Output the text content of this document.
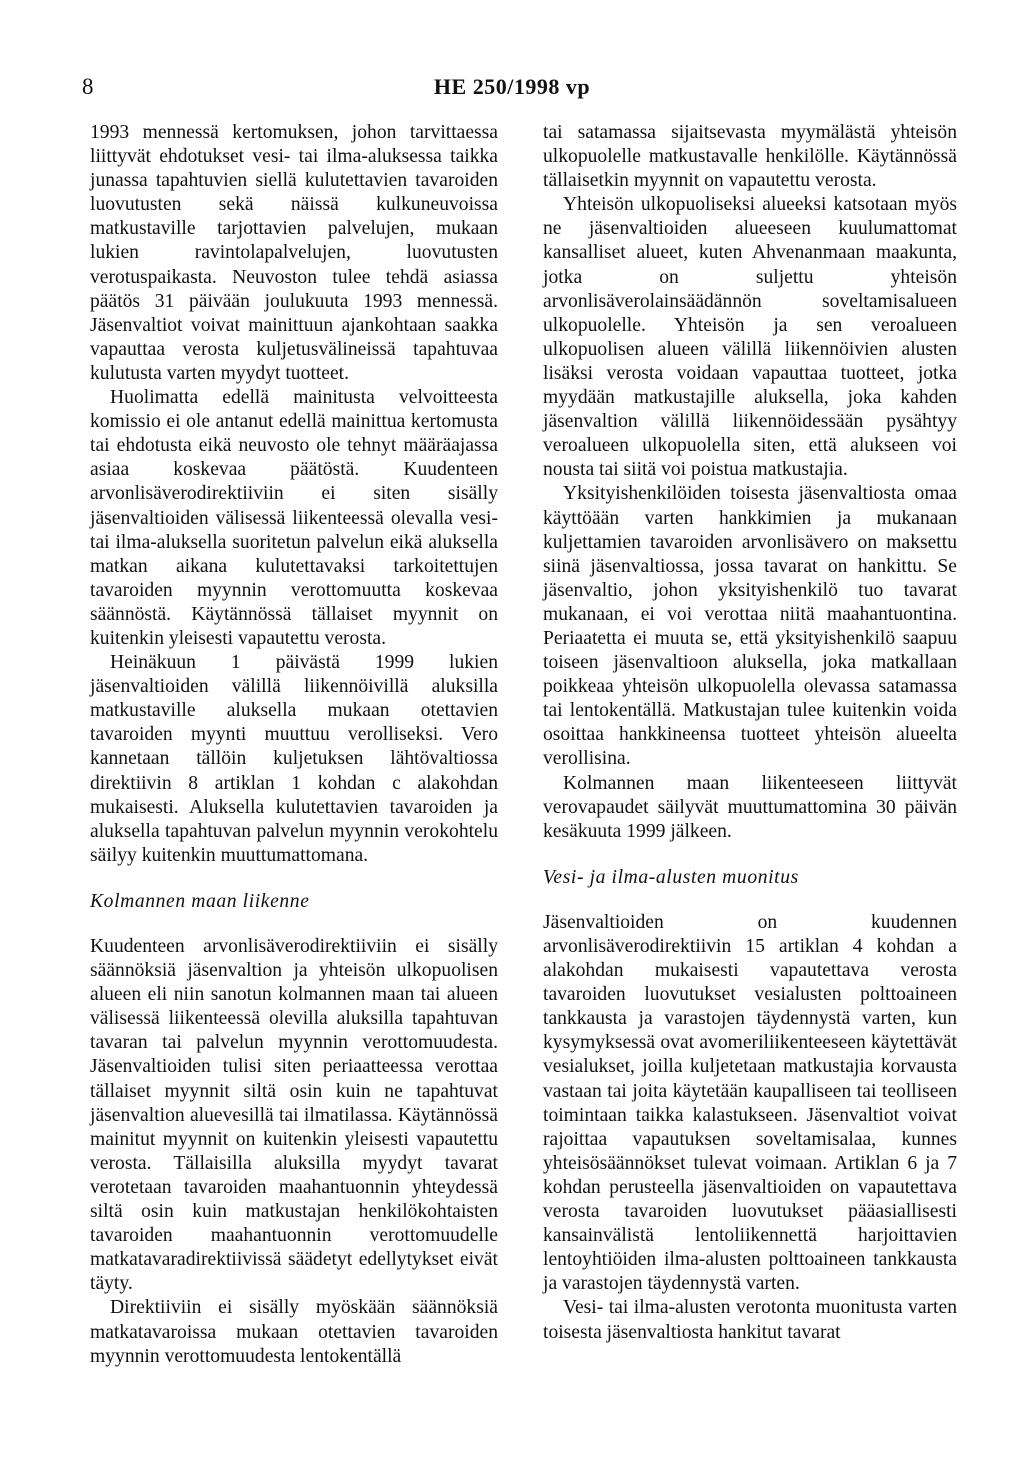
8	HE 250/1998 vp

1993 mennessä kertomuksen, johon tarvittaessa liittyvät ehdotukset vesi- tai ilma-aluksessa taikka junassa tapahtuvien siellä kulutettavien tavaroiden luovutusten sekä näissä kulkuneuvoissa matkustaville tarjottavien palvelujen, mukaan lukien ravintolapalvelujen, luovutusten verotuspaikasta. Neuvoston tulee tehdä asiassa päätös 31 päivään joulukuuta 1993 mennessä. Jäsenvaltiot voivat mainittuun ajankohtaan saakka vapauttaa verosta kuljetusvälineissä tapahtuvaa kulutusta varten myydyt tuotteet.

Huolimatta edellä mainitusta velvoitteesta komissio ei ole antanut edellä mainittua kertomusta tai ehdotusta eikä neuvosto ole tehnyt määräajassa asiaa koskevaa päätöstä. Kuudenteen arvonlisäverodirektiiviin ei siten sisälly jäsenvaltioiden välisessä liikenteessä olevalla vesi- tai ilma-aluksella suoritetun palvelun eikä aluksella matkan aikana kulutettavaksi tarkoitettujen tavaroiden myynnin verottomuutta koskevaa säännöstä. Käytännössä tällaiset myynnit on kuitenkin yleisesti vapautettu verosta.

Heinäkuun 1 päivästä 1999 lukien jäsenvaltioiden välillä liikennöivillä aluksilla matkustaville aluksella mukaan otettavien tavaroiden myynti muuttuu verolliseksi. Vero kannetaan tällöin kuljetuksen lähtövaltiossa direktiivin 8 artiklan 1 kohdan c alakohdan mukaisesti. Aluksella kulutettavien tavaroiden ja aluksella tapahtuvan palvelun myynnin verokohtelu säilyy kuitenkin muuttumattomana.

Kolmannen maan liikenne

Kuudenteen arvonlisäverodirektiiviin ei sisälly säännöksiä jäsenvaltion ja yhteisön ulkopuolisen alueen eli niin sanotun kolmannen maan tai alueen välisessä liikenteessä olevilla aluksilla tapahtuvan tavaran tai palvelun myynnin verottomuudesta. Jäsenvaltioiden tulisi siten periaatteessa verottaa tällaiset myynnit siltä osin kuin ne tapahtuvat jäsenvaltion aluevesillä tai ilmatilassa. Käytännössä mainitut myynnit on kuitenkin yleisesti vapautettu verosta. Tällaisilla aluksilla myydyt tavarat verotetaan tavaroiden maahantuonnin yhteydessä siltä osin kuin matkustajan henkilökohtaisten tavaroiden maahantuonnin verottomuudelle matkatavaradirektiivissä säädetyt edellytykset eivät täyty.

Direktiiviin ei sisälly myöskään säännöksiä matkatavaroissa mukaan otettavien tavaroiden myynnin verottomuudesta lentokentällä

tai satamassa sijaitsevasta myymälästä yhteisön ulkopuolelle matkustavalle henkilölle. Käytännössä tällaisetkin myynnit on vapautettu verosta.

Yhteisön ulkopuoliseksi alueeksi katsotaan myös ne jäsenvaltioiden alueeseen kuulumattomat kansalliset alueet, kuten Ahvenanmaan maakunta, jotka on suljettu yhteisön arvonlisäverolainsäädännön soveltamisalueen ulkopuolelle. Yhteisön ja sen veroalueen ulkopuolisen alueen välillä liikennöivien alusten lisäksi verosta voidaan vapauttaa tuotteet, jotka myydään matkustajille aluksella, joka kahden jäsenvaltion välillä liikennöidessään pysähtyy veroalueen ulkopuolella siten, että alukseen voi nousta tai siitä voi poistua matkustajia.

Yksityishenkilöiden toisesta jäsenvaltiosta omaa käyttöään varten hankkimien ja mukanaan kuljettamien tavaroiden arvonlisävero on maksettu siinä jäsenvaltiossa, jossa tavarat on hankittu. Se jäsenvaltio, johon yksityishenkilö tuo tavarat mukanaan, ei voi verottaa niitä maahantuontina. Periaatetta ei muuta se, että yksityishenkilö saapuu toiseen jäsenvaltioon aluksella, joka matkallaan poikkeaa yhteisön ulkopuolella olevassa satamassa tai lentokentällä. Matkustajan tulee kuitenkin voida osoittaa hankkineensa tuotteet yhteisön alueelta verollisina.

Kolmannen maan liikenteeseen liittyvät verovapaudet säilyvät muuttumattomina 30 päivän kesäkuuta 1999 jälkeen.

Vesi- ja ilma-alusten muonitus

Jäsenvaltioiden on kuudennen arvonlisäverodirektiivin 15 artiklan 4 kohdan a alakohdan mukaisesti vapautettava verosta tavaroiden luovutukset vesialusten polttoaineen tankkausta ja varastojen täydennystä varten, kun kysymyksessä ovat avomeriliikenteeseen käytettävät vesialukset, joilla kuljetetaan matkustajia korvausta vastaan tai joita käytetään kaupalliseen tai teolliseen toimintaan taikka kalastukseen. Jäsenvaltiot voivat rajoittaa vapautuksen soveltamisalaa, kunnes yhteisösäännökset tulevat voimaan. Artiklan 6 ja 7 kohdan perusteella jäsenvaltioiden on vapautettava verosta tavaroiden luovutukset pääasiallisesti kansainvälistä lentoliikennettä harjoittavien lentoyhtiöiden ilma-alusten polttoaineen tankkausta ja varastojen täydennystä varten.

Vesi- tai ilma-alusten verotonta muonitusta varten toisesta jäsenvaltiosta hankitut tavarat
